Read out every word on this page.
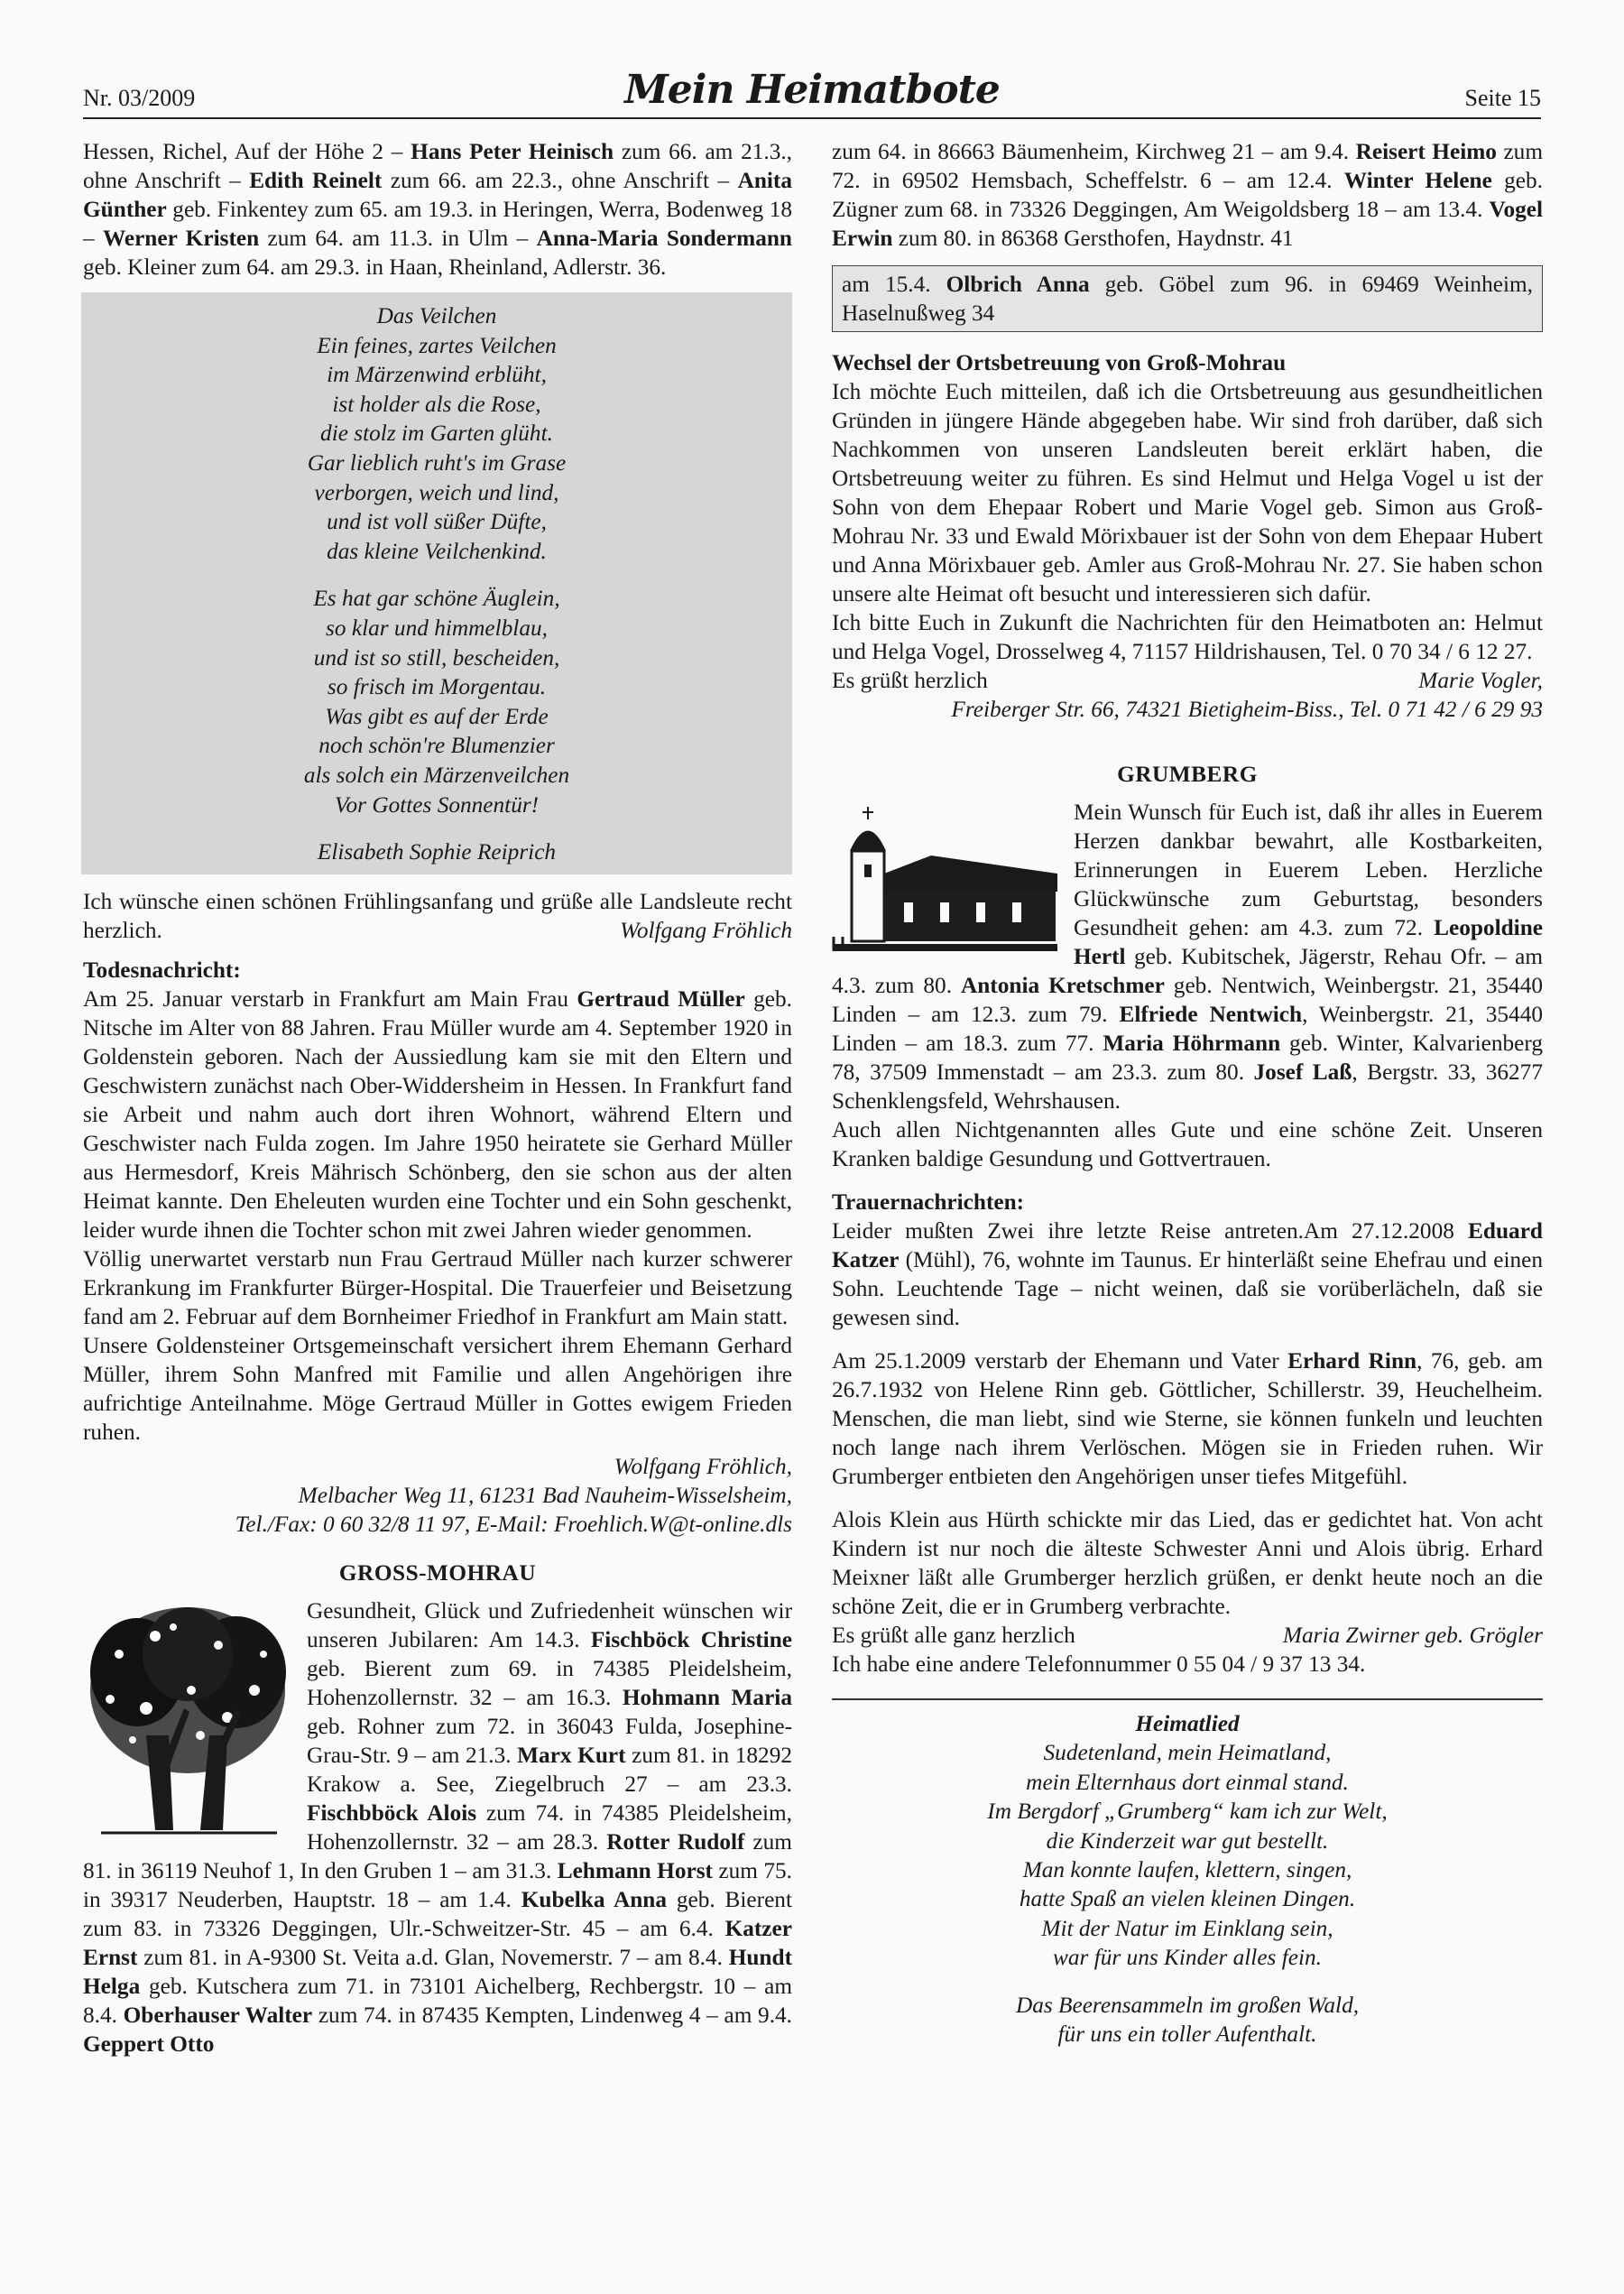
Nr. 03/2009	Mein Heimatbote	Seite 15

Hessen, Richel, Auf der Höhe 2 – Hans Peter Heinisch zum 66. am 21.3., ohne Anschrift – Edith Reinelt zum 66. am 22.3., ohne Anschrift – Anita Günther geb. Finkentey zum 65. am 19.3. in Heringen, Werra, Bodenweg 18 – Werner Kristen zum 64. am 11.3. in Ulm – Anna-Maria Sondermann geb. Kleiner zum 64. am 29.3. in Haan, Rheinland, Adlerstr. 36.

Das Veilchen
Ein feines, zartes Veilchen
im Märzenwind erblüht,
ist holder als die Rose,
die stolz im Garten glüht.
Gar lieblich ruht's im Grase
verborgen, weich und lind,
und ist voll süßer Düfte,
das kleine Veilchenkind.
Es hat gar schöne Äuglein,
so klar und himmelblau,
und ist so still, bescheiden,
so frisch im Morgentau.
Was gibt es auf der Erde
noch schön're Blumenzier
als solch ein Märzenveilchen
Vor Gottes Sonnentür!
Elisabeth Sophie Reiprich

Ich wünsche einen schönen Frühlingsanfang und grüße alle Landsleute recht herzlich.	Wolfgang Fröhlich

Todesnachricht:

Am 25. Januar verstarb in Frankfurt am Main Frau Gertraud Müller geb. Nitsche im Alter von 88 Jahren. Frau Müller wurde am 4. September 1920 in Goldenstein geboren. Nach der Aussiedlung kam sie mit den Eltern und Geschwistern zunächst nach Ober-Widdersheim in Hessen. In Frankfurt fand sie Arbeit und nahm auch dort ihren Wohnort, während Eltern und Geschwister nach Fulda zogen. Im Jahre 1950 heiratete sie Gerhard Müller aus Hermesdorf, Kreis Mährisch Schönberg, den sie schon aus der alten Heimat kannte. Den Eheleuten wurden eine Tochter und ein Sohn geschenkt, leider wurde ihnen die Tochter schon mit zwei Jahren wieder genommen.

Völlig unerwartet verstarb nun Frau Gertraud Müller nach kurzer schwerer Erkrankung im Frankfurter Bürger-Hospital. Die Trauerfeier und Beisetzung fand am 2. Februar auf dem Bornheimer Friedhof in Frankfurt am Main statt.

Unsere Goldensteiner Ortsgemeinschaft versichert ihrem Ehemann Gerhard Müller, ihrem Sohn Manfred mit Familie und allen Angehörigen ihre aufrichtige Anteilnahme. Möge Gertraud Müller in Gottes ewigem Frieden ruhen.

Wolfgang Fröhlich,

Melbacher Weg 11, 61231 Bad Nauheim-Wisselsheim,

Tel./Fax: 0 60 32/8 11 97, E-Mail: Froehlich.W@t-online.dls

GROSS-MOHRAU

Gesundheit, Glück und Zufriedenheit wünschen wir unseren Jubilaren: Am 14.3. Fischböck Christine geb. Bierent zum 69. in 74385 Pleidelsheim, Hohenzollernstr. 32 – am 16.3. Hohmann Maria geb. Rohner zum 72. in 36043 Fulda, Josephine-Grau-Str. 9 – am 21.3. Marx Kurt zum 81. in 18292 Krakow a. See, Ziegelbruch 27 – am 23.3. Fischbböck Alois zum 74. in 74385 Pleidelsheim, Hohenzollernstr. 32 – am 28.3. Rotter Rudolf zum 81. in 36119 Neuhof 1, In den Gruben 1 – am 31.3. Lehmann Horst zum 75. in 39317 Neuderben, Hauptstr. 18 – am 1.4. Kubelka Anna geb. Bierent zum 83. in 73326 Deggingen, Ulr.-Schweitzer-Str. 45 – am 6.4. Katzer Ernst zum 81. in A-9300 St. Veita a.d. Glan, Novemerstr. 7 – am 8.4. Hundt Helga geb. Kutschera zum 71. in 73101 Aichelberg, Rechbergstr. 10 – am 8.4. Oberhauser Walter zum 74. in 87435 Kempten, Lindenweg 4 – am 9.4. Geppert Otto

zum 64. in 86663 Bäumenheim, Kirchweg 21 – am 9.4. Reisert Heimo zum 72. in 69502 Hemsbach, Scheffelstr. 6 – am 12.4. Winter Helene geb. Zügner zum 68. in 73326 Deggingen, Am Weigoldsberg 18 – am 13.4. Vogel Erwin zum 80. in 86368 Gersthofen, Haydnstr. 41

am 15.4. Olbrich Anna geb. Göbel zum 96. in 69469 Weinheim, Haselnußweg 34

Wechsel der Ortsbetreuung von Groß-Mohrau

Ich möchte Euch mitteilen, daß ich die Ortsbetreuung aus gesundheitlichen Gründen in jüngere Hände abgegeben habe. Wir sind froh darüber, daß sich Nachkommen von unseren Landsleuten bereit erklärt haben, die Ortsbetreuung weiter zu führen. Es sind Helmut und Helga Vogel u ist der Sohn von dem Ehepaar Robert und Marie Vogel geb. Simon aus Groß-Mohrau Nr. 33 und Ewald Mörixbauer ist der Sohn von dem Ehepaar Hubert und Anna Mörixbauer geb. Amler aus Groß-Mohrau Nr. 27. Sie haben schon unsere alte Heimat oft besucht und interessieren sich dafür.

Ich bitte Euch in Zukunft die Nachrichten für den Heimatboten an: Helmut und Helga Vogel, Drosselweg 4, 71157 Hildrishausen, Tel. 0 70 34 / 6 12 27.

Es grüßt herzlich	Marie Vogler,

Freiberger Str. 66, 74321 Bietigheim-Biss., Tel. 0 71 42 / 6 29 93

GRUMBERG

Mein Wunsch für Euch ist, daß ihr alles in Euerem Herzen dankbar bewahrt, alle Kostbarkeiten, Erinnerungen in Euerem Leben. Herzliche Glückwünsche zum Geburtstag, besonders Gesundheit gehen: am 4.3. zum 72. Leopoldine Hertl geb. Kubitschek, Jägerstr, Rehau Ofr. – am 4.3. zum 80. Antonia Kretschmer geb. Nentwich, Weinbergstr. 21, 35440 Linden – am 12.3. zum 79. Elfriede Nentwich, Weinbergstr. 21, 35440 Linden – am 18.3. zum 77. Maria Höhrmann geb. Winter, Kalvarienberg 78, 37509 Immenstadt – am 23.3. zum 80. Josef Laß, Bergstr. 33, 36277 Schenklengsfeld, Wehrshausen.

Auch allen Nichtgenannten alles Gute und eine schöne Zeit. Unseren Kranken baldige Gesundung und Gottvertrauen.

Trauernachrichten:

Leider mußten Zwei ihre letzte Reise antreten.Am 27.12.2008 Eduard Katzer (Mühl), 76, wohnte im Taunus. Er hinterläßt seine Ehefrau und einen Sohn. Leuchtende Tage – nicht weinen, daß sie vorüberlächeln, daß sie gewesen sind.

Am 25.1.2009 verstarb der Ehemann und Vater Erhard Rinn, 76, geb. am 26.7.1932 von Helene Rinn geb. Göttlicher, Schillerstr. 39, Heuchelheim. Menschen, die man liebt, sind wie Sterne, sie können funkeln und leuchten noch lange nach ihrem Verlöschen. Mögen sie in Frieden ruhen. Wir Grumberger entbieten den Angehörigen unser tiefes Mitgefühl.

Alois Klein aus Hürth schickte mir das Lied, das er gedichtet hat. Von acht Kindern ist nur noch die älteste Schwester Anni und Alois übrig. Erhard Meixner läßt alle Grumberger herzlich grüßen, er denkt heute noch an die schöne Zeit, die er in Grumberg verbrachte.

Es grüßt alle ganz herzlich	Maria Zwirner geb. Grögler

Ich habe eine andere Telefonnummer 0 55 04 / 9 37 13 34.

Heimatlied
Sudetenland, mein Heimatland,
mein Elternhaus dort einmal stand.
Im Bergdorf „Grumberg“ kam ich zur Welt,
die Kinderzeit war gut bestellt.
Man konnte laufen, klettern, singen,
hatte Spaß an vielen kleinen Dingen.
Mit der Natur im Einklang sein,
war für uns Kinder alles fein.
Das Beerensammeln im großen Wald,
für uns ein toller Aufenthalt.
